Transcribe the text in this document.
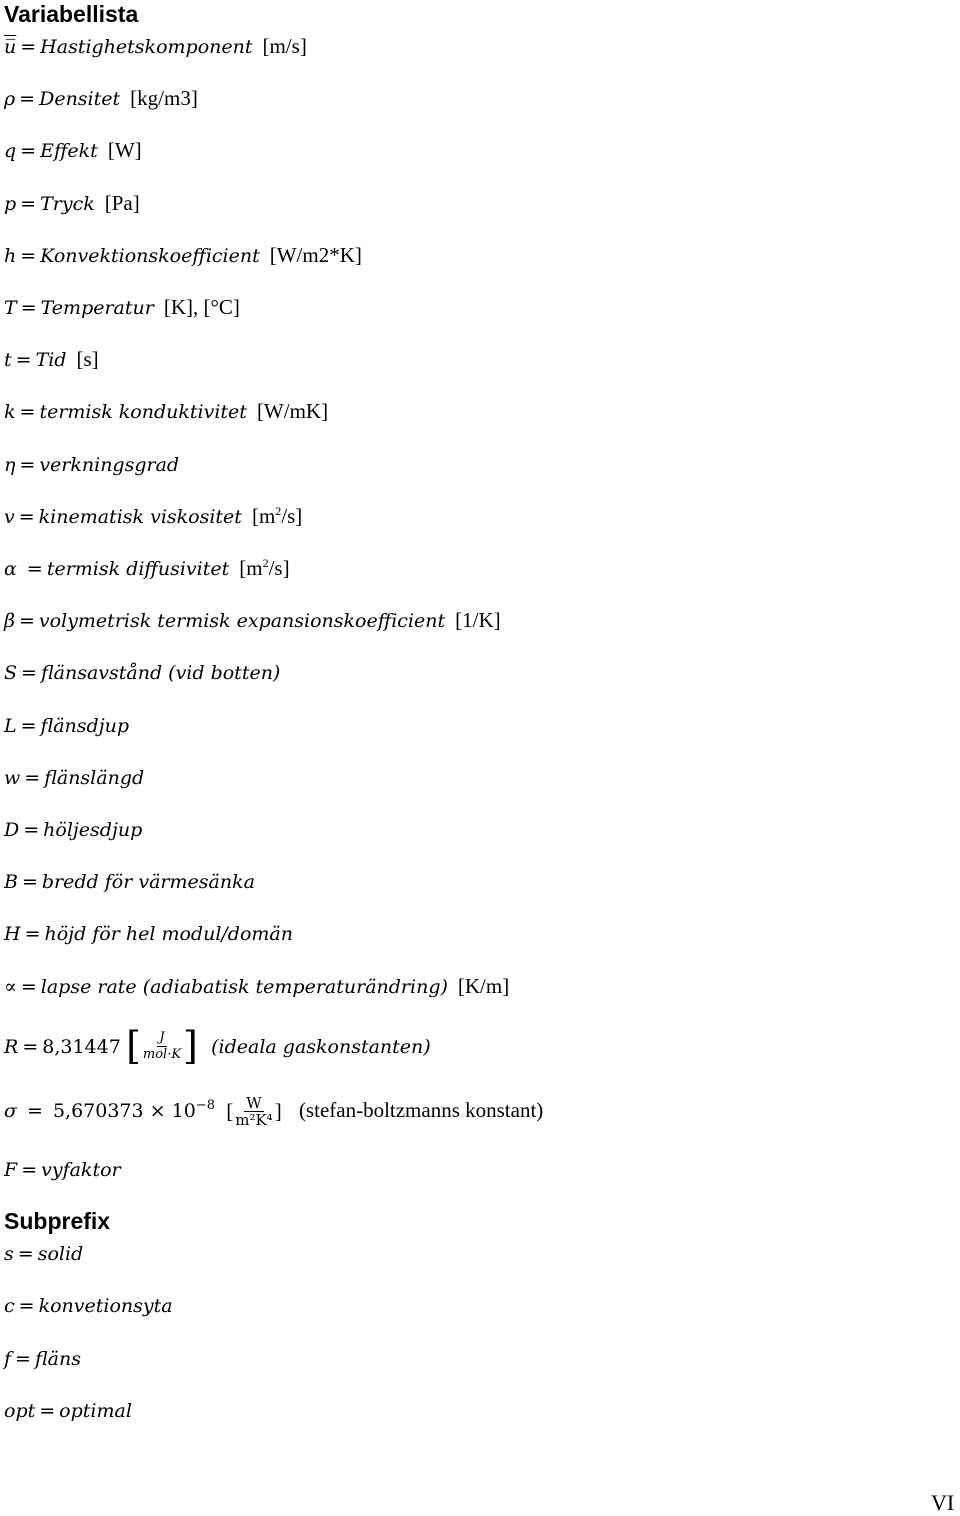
Variabellista
u̅ = Hastighetskomponent [m/s]
ρ = Densitet [kg/m3]
q = Effekt [W]
p = Tryck [Pa]
h = Konvektionskoefficient [W/m2*K]
T = Temperatur [K], [°C]
t = Tid [s]
k = termisk konduktivitet [W/mK]
η = verkningsgrad
v = kinematisk viskositet $[m^2/s]$
α = termisk diffusivitet $[m^2/s]$
β = volymetrisk termisk expansionskoefficient [1/K]
S = flänsavstånd (vid botten)
L = flänsdjup
w = flänslängd
D = höljesdjup
B = bredd för värmesänka
H = höjd för hel modul/domän
∝ = lapse rate (adiabatisk temperaturändring) [K/m]
R = 8,31447 [ $\frac{J}{\text{mol·K}}$ ] (ideala gaskonstanten)
$\sigma = 5,670373 \times 10^{-8}$ [ $\frac{W}{\text{m²K⁴}}$ ] (stefan-boltzmanns konstant)
F = vyfaktor
Subprefix
s = solid
c = konvetionsyta
f = fläns
opt = optimal
VI
